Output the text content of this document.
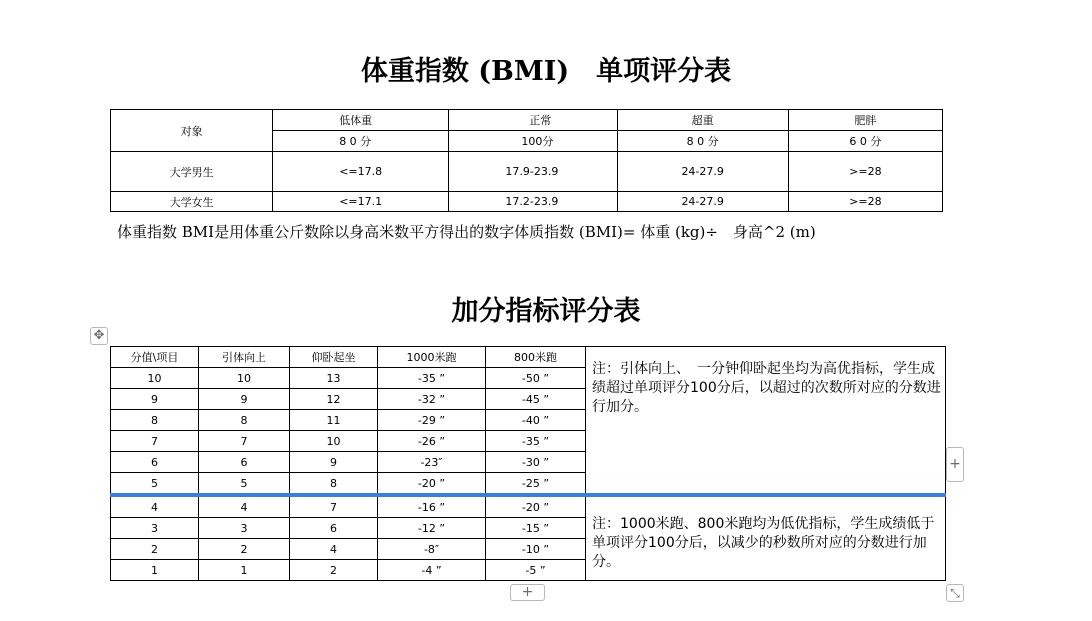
体重指数 (BMI)　单项评分表
对象	低体重	正常	超重	肥胖
	8 0 分	100分	8 0 分	6 0 分
大学男生	<=17.8	17.9-23.9	24-27.9	>=28
大学女生	<=17.1	17.2-23.9	24-27.9	>=28
体重指数 BMI是用体重公斤数除以身高米数平方得出的数字体质指数 (BMI)= 体重 (kg)÷　身高^2 (m)
加分指标评分表
✥
分值\项目	引体向上	仰卧起坐	1000米跑	800米跑	注：引体向上、　一分钟仰卧起坐均为高优指标，学生成绩超过单项评分100分后，以超过的次数所对应的分数进行加分。
10	10	13	-35 ”	-50 ”	
9	9	12	-32 ”	-45 ”	
8	8	11	-29 ”	-40 ”	
7	7	10	-26 ”	-35 ”	
6	6	9	-23″	-30 ”	
5	5	8	-20 ”	-25 ”	
4	4	7	-16 ”	-20 ”	注：1000米跑、800米跑均为低优指标，学生成绩低于单项评分100分后，以减少的秒数所对应的分数进行加分。
3	3	6	-12 ”	-15 ”	
2	2	4	-8″	-10 ”	
1	1	2	-4 ”	-5 ”	
+
+	⤡
